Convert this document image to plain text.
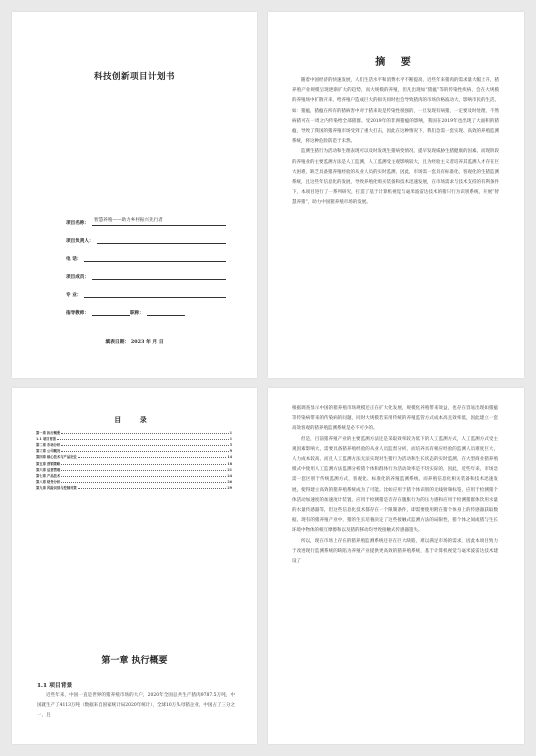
科技创新项目计划书
项目名称：
智慧养殖——助力乡村振兴先行者
项目负责人：
电 话：
项目成员：
专 业：
指导教师：	职称：
填表日期： 2023 年 月 日
摘 要

随着中国经济的快速发展，人们生活水平和消费水平不断提高，近些年来猪肉的需求量大幅上升，猪养殖产业规模呈现逐渐扩大的趋势，而大规模的养殖，但凡出现如“猪瘟”等的传染性疾病，会在大规模的养殖场中扩散开来，给养殖户造成巨大的损失同时也会导致猪肉的市场价格波动大，影响市民的生活。如：猪瘟，猪瘟在所有的猪病害中对于猪来说是传染性很强的，一旦发现有病猪，一定要及时处理，不然病猪可在一周之内传染给全部猪群。受2019年的非洲猪瘟的影响，我国在2019年也出现了大面积的猪瘟，导致了我国的猪养殖市场受到了重大打击，因此在这种情况下，我们急需一套实现、高效的养殖监测系统，将这种危险防范于未然。

监测生猪行为活动和生理表现可以及时发现生猪病变情况，提早发现威胁生猪健康的因素。而现阶段的养殖业的主要监测方法是人工监测，人工监测受主观影响较大，且为经验主义者培养其监测人才存在巨大困难，缺乏具备猪养殖经验的从业人员的实时监测，因此，市场需一套具有标准化、客观化的生猪监测系统，且这些年信息化的发展，导致养殖化购买装备和技术迅速发展，在市场需求与技术支持的有利条件下，本项目进行了一系列研究，打造了基于计算机视觉与毫米波雷达技术的猪只行为识别系统，开展“智慧养猪”，助力中国猪养殖市场的发展。

目 录
第一章 执行概要	1
1.1 项目背景	1
第二章 市场分析	5
第三章 公司概况	9
第四章 核心技术与产品定位	14
第五章 营销策略	18
第六章 运营管理	21
第七章 产品技术	24
第八章 财务分析	26
第九章 风险识别与控制对策	29
第一章 执行概要
1.1 项目背景

近些年来，中国一直是世界的猪养殖市场的大户，2020年全国总共生产猪肉9787.5万吨，中国就生产了4113万吨（数据来自国家统计局2020年统计），全球10万头母猪企业，中国占了三分之一，且

根据调查显示中国的猪养殖市场规模还正在扩大化发展，规模化养殖带来效益，也存在容易出现如猪瘟等传染病带来的传染病的问题，同时大规模若采用传统的养殖监管方式成本高且效率低，因此建立一套高效客观的猪养殖监测系统是必不可少的。

但是，目前猪养殖产业的主要监测方法还是采取效率较为低下的人工监测方式，人工监测方式受主观因素影响大，需要具备猪养殖经验的从业人员监督分析，而培养具有相应经验的监测人员难度巨大，人力成本较高，而且人工监测方法无法实现对生猪行为活动和生长状态的实时监测，在大型商业猪养殖模式中使用人工监测方法监测分析猪个体和群体行为活动效率是不切实际的，因此，近些年来，市场急需一套区别于传统监测方式，客观化、标准化的养殖监测系统，而养殖信息化相关装备和技术迅速发展，使得建立高效的猪养殖系统成为了可能。比如应用于猪个体识别的无线射频标签，应用于检测猪个体活动加速度的加速度计装置，应用于检测猪是否存在腹胀行为的压力感和应用于检测猪群体饮用水量的水量传感器等，但这些信息化技术都存在一个限制条件，即需要使用附在猪个体身上的传感器获取数据，现有的猪养殖产业中，猪的生长培養決定了这些接触式监测方法的局限性，猪个体之间或猪与生长环境中物体的相互摩擦和以及猪的移动均导致接触式传感器遗失。

所以，现在市场上存在的猪养殖监测系统还存在巨大缺陷，难以满足市场的需求，因此本项目致力于改进现行监测系统的缺陷为养殖产业提供更高效的猪养殖系统，基于计算机视觉与毫米波雷达技术建设了
